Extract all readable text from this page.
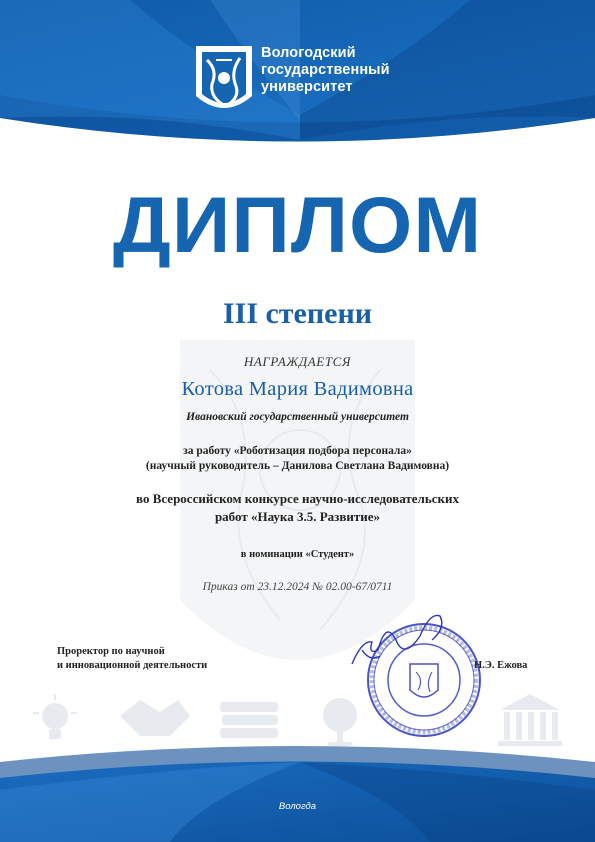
Вологодский
государственный
университет
ДИПЛОМ
III степени
НАГРАЖДАЕТСЯ
Котова Мария Вадимовна
Ивановский государственный университет
за работу «Роботизация подбора персонала»
(научный руководитель – Данилова Светлана Вадимовна)
во Всероссийском конкурсе научно-исследовательских
работ «Наука 3.5. Развитие»
в номинации «Студент»
Приказ от 23.12.2024 № 02.00-67/0711
Проректор по научной
и инновационной деятельности	Н.Э. Ежова
Вологда
